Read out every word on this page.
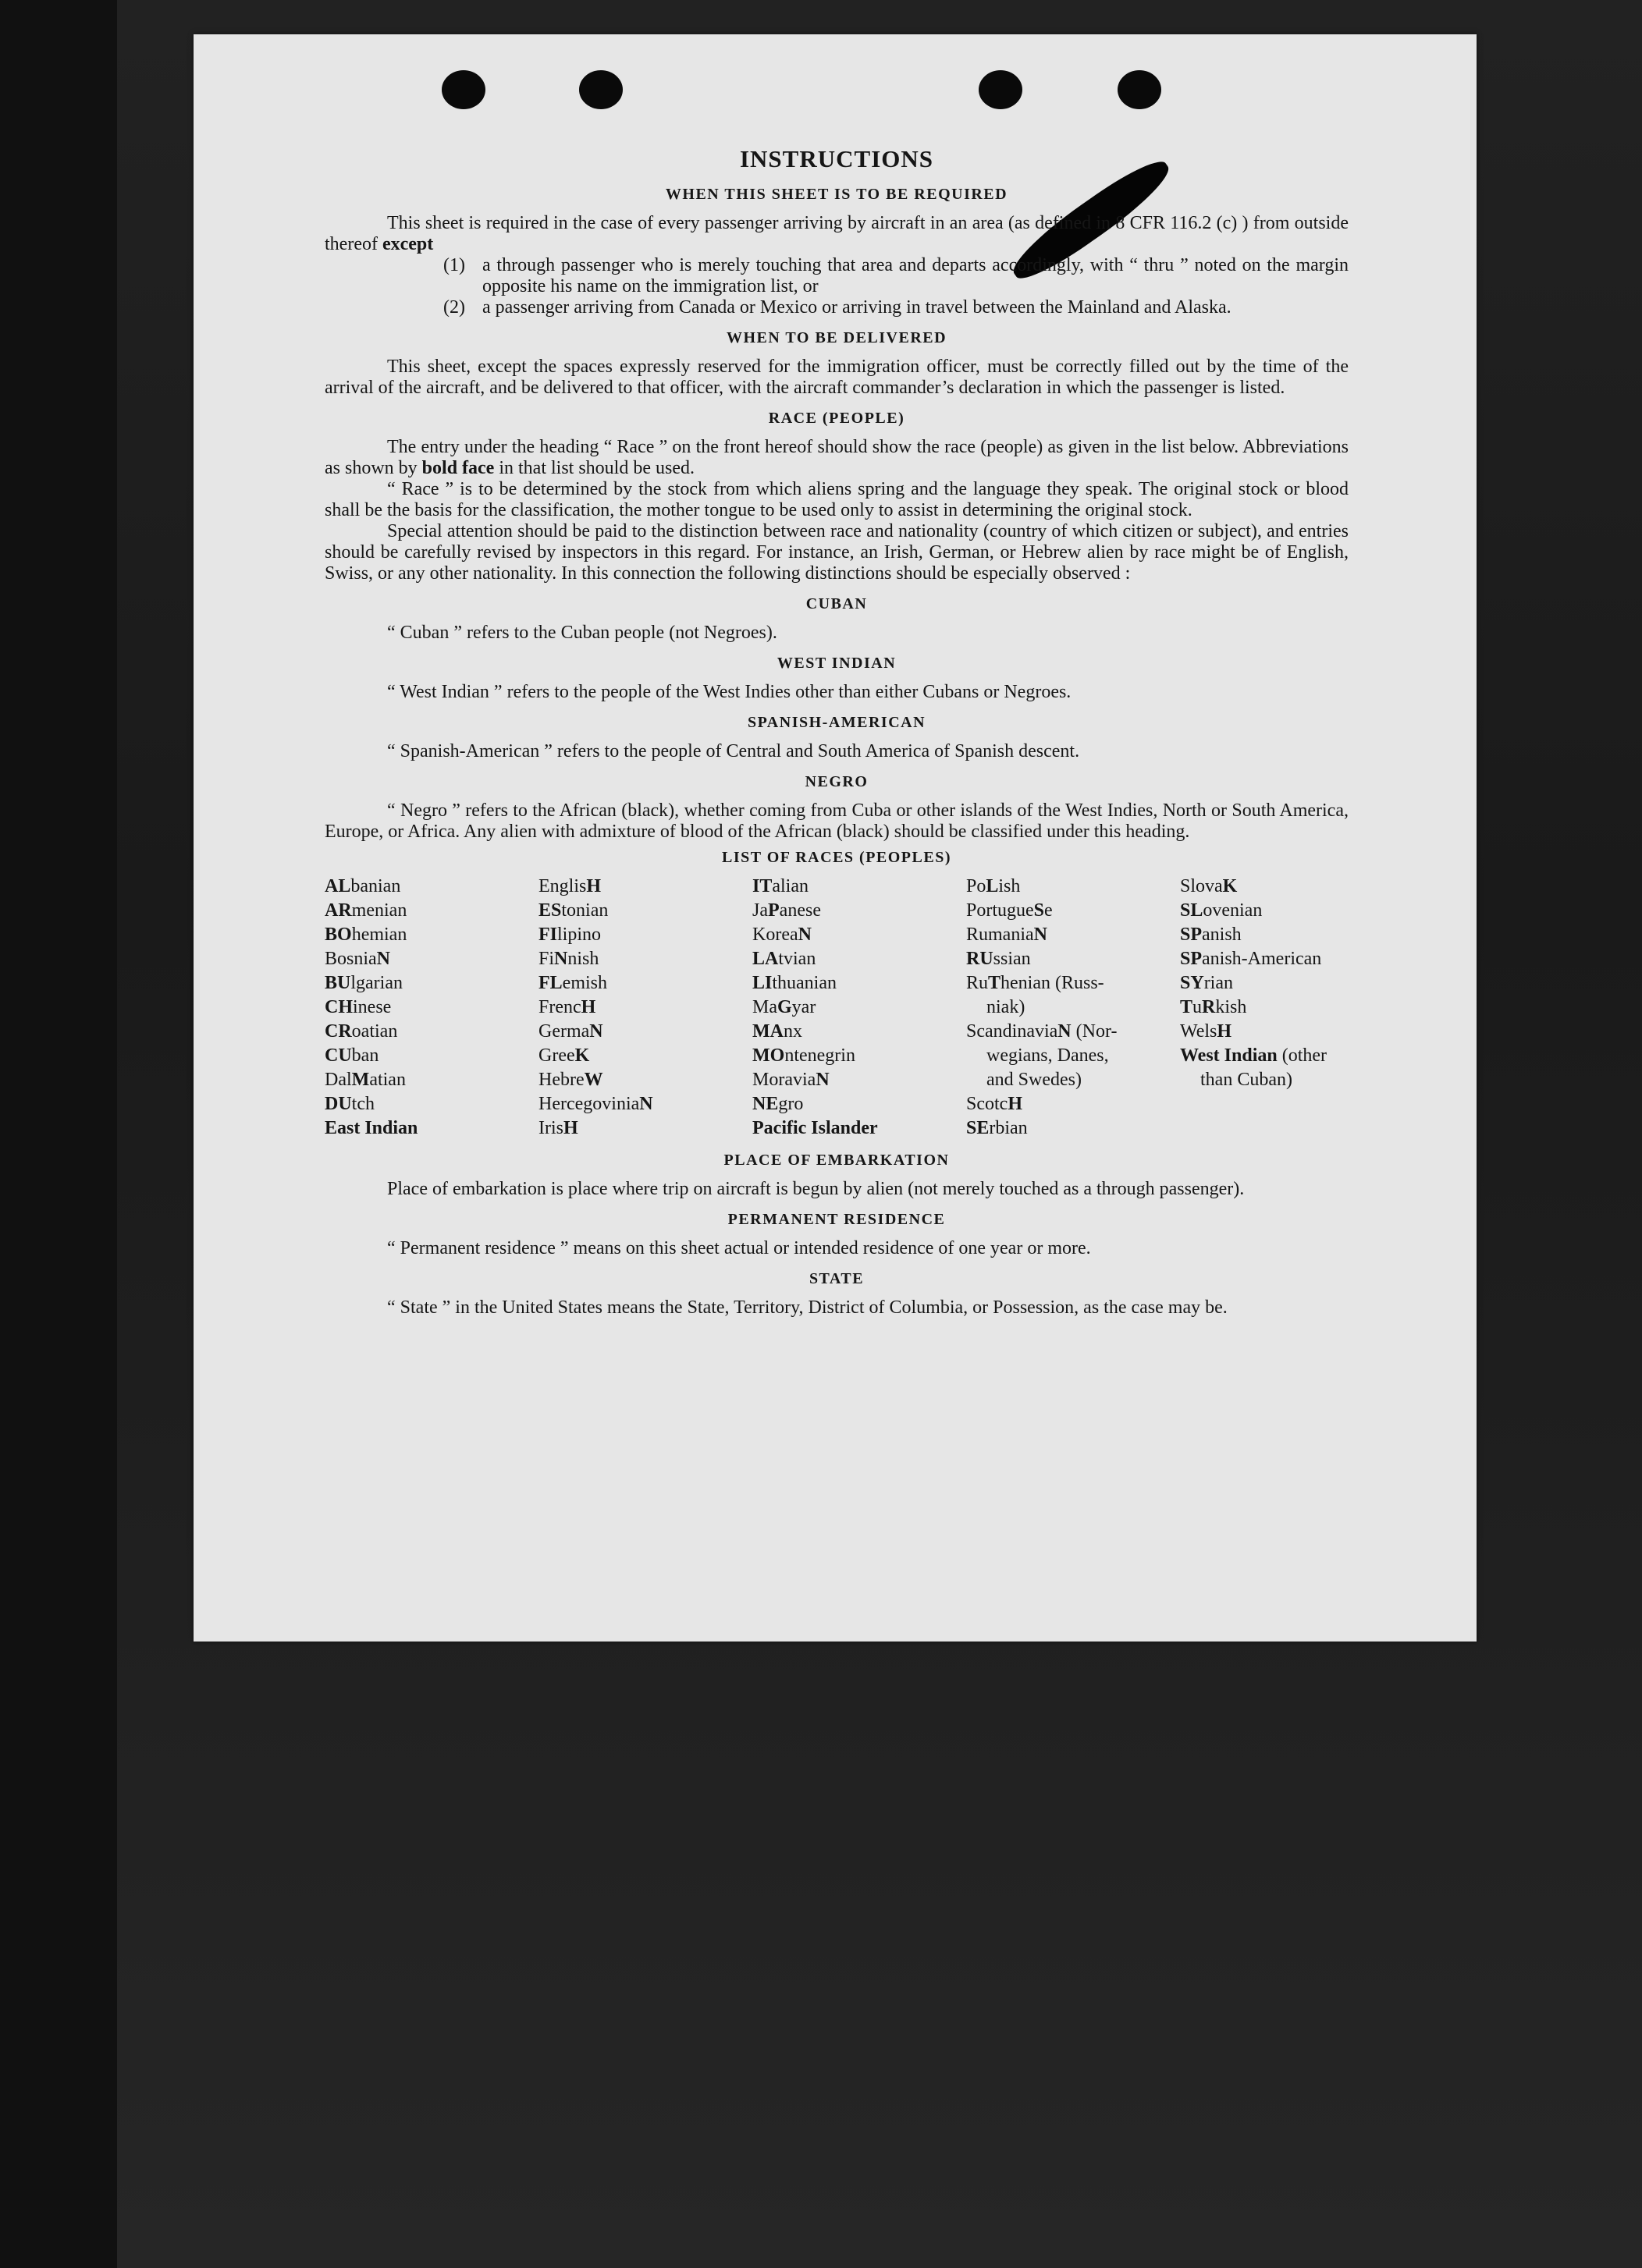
INSTRUCTIONS
WHEN THIS SHEET IS TO BE REQUIRED

This sheet is required in the case of every passenger arriving by aircraft in an area (as defined in 8 CFR 116.2 (c) ) from outside thereof except

(1) a through passenger who is merely touching that area and departs accordingly, with “ thru ” noted on the margin opposite his name on the immigration list, or
(2) a passenger arriving from Canada or Mexico or arriving in travel between the Mainland and Alaska.
WHEN TO BE DELIVERED

This sheet, except the spaces expressly reserved for the immigration officer, must be correctly filled out by the time of the arrival of the aircraft, and be delivered to that officer, with the aircraft commander’s declaration in which the passenger is listed.

RACE (PEOPLE)

The entry under the heading “ Race ” on the front hereof should show the race (people) as given in the list below. Abbreviations as shown by bold face in that list should be used.

“ Race ” is to be determined by the stock from which aliens spring and the language they speak. The original stock or blood shall be the basis for the classification, the mother tongue to be used only to assist in determining the original stock.

Special attention should be paid to the distinction between race and nationality (country of which citizen or subject), and entries should be carefully revised by inspectors in this regard. For instance, an Irish, German, or Hebrew alien by race might be of English, Swiss, or any other nationality. In this connection the following distinctions should be especially observed :

CUBAN

“ Cuban ” refers to the Cuban people (not Negroes).

WEST INDIAN

“ West Indian ” refers to the people of the West Indies other than either Cubans or Negroes.

SPANISH-AMERICAN

“ Spanish-American ” refers to the people of Central and South America of Spanish descent.

NEGRO

“ Negro ” refers to the African (black), whether coming from Cuba or other islands of the West Indies, North or South America, Europe, or Africa. Any alien with admixture of blood of the African (black) should be classified under this heading.

LIST OF RACES (PEOPLES)
ALbanian
ARmenian
BOhemian
BosniaN
BUlgarian
CHinese
CRoatian
CUban
DalMatian
DUtch
East Indian
EnglisH
EStonian
FIlipino
FiNnish
FLemish
FrencH
GermaN
GreeK
HebreW
HercegoviniaN
IrisH
ITalian
JaPanese
KoreaN
LAtvian
LIthuanian
MaGyar
MAnx
MOntenegrin
MoraviaN
NEgro
Pacific Islander
PoLish
PortugueSe
RumaniaN
RUssian
RuThenian (Russ-
niak)
ScandinaviaN (Nor-
wegians, Danes,
and Swedes)
ScotcH
SErbian
SlovaK
SLovenian
SPanish
SPanish-American
SYrian
TuRkish
WelsH
West Indian (other
than Cuban)
PLACE OF EMBARKATION

Place of embarkation is place where trip on aircraft is begun by alien (not merely touched as a through passenger).

PERMANENT RESIDENCE

“ Permanent residence ” means on this sheet actual or intended residence of one year or more.

STATE

“ State ” in the United States means the State, Territory, District of Columbia, or Possession, as the case may be.
